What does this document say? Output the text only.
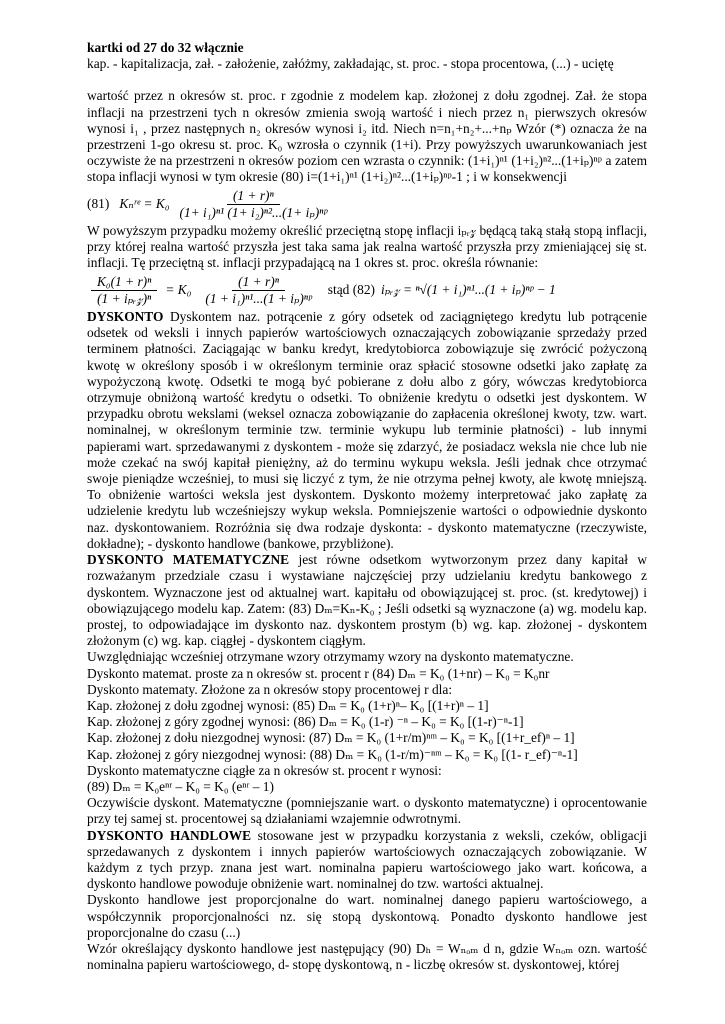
kartki od 27 do 32 włącznie
kap. - kapitalizacja, zał. - założenie, załóżmy, zakładając, st. proc. - stopa procentowa, (...) - uciętę
wartość przez n okresów st. proc. r zgodnie z modelem kap. złożonej z dołu zgodnej. Zał. że stopa inflacji na przestrzeni tych n okresów zmienia swoją wartość i niech przez n₁ pierwszych okresów wynosi i₁ , przez następnych n₂ okresów wynosi i₂ itd. Niech n=n₁+n₂+...+nₚ Wzór (*) oznacza że na przestrzeni 1-go okresu st. proc. K₀ wzrosła o czynnik (1+i). Przy powyższych uwarunkowaniach jest oczywiste że na przestrzeni n okresów poziom cen wzrasta o czynnik: (1+i₁)ⁿ¹ (1+i₂)ⁿ²...(1+iₚ)ⁿᵖ a zatem stopa inflacji wynosi w tym okresie (80) i=(1+i₁)ⁿ¹ (1+i₂)ⁿ²...(1+iₚ)ⁿᵖ-1 ; i w konsekwencji
(81) Kₙʳᵉ = $K_0 \frac{\text{(1 + r)ⁿ}}{\text{(1+ i₁)ⁿ¹ (1+ i₂)ⁿ²...(1+ iₚ)ⁿᵖ}}$
W powyższym przypadku możemy określić przeciętną stopę inflacji iₚᵣ𝓏 będącą taką stałą stopą inflacji, przy której realna wartość przyszła jest taka sama jak realna wartość przyszła przy zmieniającej się st. inflacji. Tę przeciętną st. inflacji przypadającą na 1 okres st. proc. określa równanie:
$\frac{\text{K₀(1 + r)ⁿ}}{\text{(1 + iₚᵣ𝓏)ⁿ}} = K_0 \frac{\text{(1 + r)ⁿ}}{\text{(1 + i₁)ⁿ¹...(1 + iₚ)ⁿᵖ}}$ stąd (82) iₚᵣ𝓏 = ⁿ√(1 + i₁)ⁿ¹...(1 + iₚ)ⁿᵖ − 1
DYSKONTO Dyskontem naz. potrącenie z góry odsetek od zaciągniętego kredytu lub potrącenie odsetek od weksli i innych papierów wartościowych oznaczających zobowiązanie sprzedaży przed terminem płatności. Zaciągając w banku kredyt, kredytobiorca zobowiązuje się zwrócić pożyczoną kwotę w określony sposób i w określonym terminie oraz spłacić stosowne odsetki jako zapłatę za wypożyczoną kwotę. Odsetki te mogą być pobierane z dołu albo z góry, wówczas kredytobiorca otrzymuje obniżoną wartość kredytu o odsetki. To obniżenie kredytu o odsetki jest dyskontem. W przypadku obrotu wekslami (weksel oznacza zobowiązanie do zapłacenia określonej kwoty, tzw. wart. nominalnej, w określonym terminie tzw. terminie wykupu lub terminie płatności) - lub innymi papierami wart. sprzedawanymi z dyskontem - może się zdarzyć, że posiadacz weksla nie chce lub nie może czekać na swój kapitał pieniężny, aż do terminu wykupu weksla. Jeśli jednak chce otrzymać swoje pieniądze wcześniej, to musi się liczyć z tym, że nie otrzyma pełnej kwoty, ale kwotę mniejszą. To obniżenie wartości weksla jest dyskontem. Dyskonto możemy interpretować jako zapłatę za udzielenie kredytu lub wcześniejszy wykup weksla. Pomniejszenie wartości o odpowiednie dyskonto naz. dyskontowaniem. Rozróżnia się dwa rodzaje dyskonta: - dyskonto matematyczne (rzeczywiste, dokładne); - dyskonto handlowe (bankowe, przybliżone).
DYSKONTO MATEMATYCZNE jest równe odsetkom wytworzonym przez dany kapitał w rozważanym przedziale czasu i wystawiane najczęściej przy udzielaniu kredytu bankowego z dyskontem. Wyznaczone jest od aktualnej wart. kapitału od obowiązującej st. proc. (st. kredytowej) i obowiązującego modelu kap. Zatem: (83) Dₘ=Kₙ-K₀ ; Jeśli odsetki są wyznaczone (a) wg. modelu kap. prostej, to odpowiadające im dyskonto naz. dyskontem prostym (b) wg. kap. złożonej - dyskontem złożonym (c) wg. kap. ciągłej - dyskontem ciągłym.
Uwzględniając wcześniej otrzymane wzory otrzymamy wzory na dyskonto matematyczne.
Dyskonto matemat. proste za n okresów st. procent r (84) Dₘ = K₀ (1+nr) – K₀ = K₀nr
Dyskonto matematy. Złożone za n okresów stopy procentowej r dla:
Kap. złożonej z dołu zgodnej wynosi: (85) Dₘ = K₀ (1+r)ⁿ– K₀ [(1+r)ⁿ – 1]
Kap. złożonej z góry zgodnej wynosi: (86) Dₘ = K₀ (1-r) ⁻ⁿ – K₀ = K₀ [(1-r)⁻ⁿ-1]
Kap. złożonej z dołu niezgodnej wynosi: (87) Dₘ = K₀ (1+r/m)ⁿᵐ – K₀ = K₀ [(1+r_ef)ⁿ – 1]
Kap. złożonej z góry niezgodnej wynosi: (88) Dₘ = K₀ (1-r/m)⁻ⁿᵐ – K₀ = K₀ [(1- r_ef)⁻ⁿ-1]
Dyskonto matematyczne ciągłe za n okresów st. procent r wynosi:
(89) Dₘ = K₀eⁿʳ – K₀ = K₀ (eⁿʳ – 1)
Oczywiście dyskont. Matematyczne (pomniejszanie wart. o dyskonto matematyczne) i oprocentowanie przy tej samej st. procentowej są działaniami wzajemnie odwrotnymi.
DYSKONTO HANDLOWE stosowane jest w przypadku korzystania z weksli, czeków, obligacji sprzedawanych z dyskontem i innych papierów wartościowych oznaczających zobowiązanie. W każdym z tych przyp. znana jest wart. nominalna papieru wartościowego jako wart. końcowa, a dyskonto handlowe powoduje obniżenie wart. nominalnej do tzw. wartości aktualnej.
Dyskonto handlowe jest proporcjonalne do wart. nominalnej danego papieru wartościowego, a współczynnik proporcjonalności nz. się stopą dyskontową. Ponadto dyskonto handlowe jest proporcjonalne do czasu (...)
Wzór określający dyskonto handlowe jest następujący (90) Dₕ = Wₙₒₘ d n, gdzie Wₙₒₘ ozn. wartość nominalna papieru wartościowego, d- stopę dyskontową, n - liczbę okresów st. dyskontowej, której
